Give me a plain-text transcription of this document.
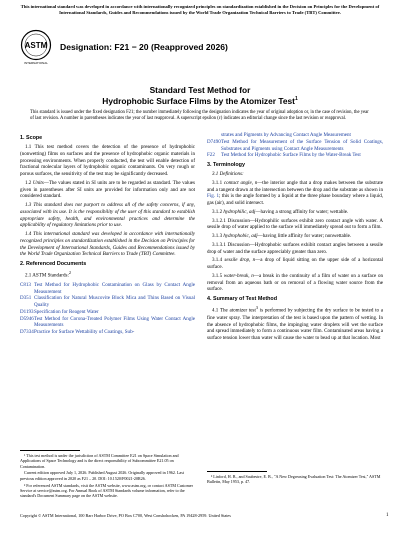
This international standard was developed in accordance with internationally recognized principles on standardization established in the Decision on Principles for the Development of International Standards, Guides and Recommendations issued by the World Trade Organization Technical Barriers to Trade (TBT) Committee.
ASTM
INTERNATIONAL
Designation: F21 − 20 (Reapproved 2026)
Standard Test Method for
Hydrophobic Surface Films by the Atomizer Test$^1$
This standard is issued under the fixed designation F21; the number immediately following the designation indicates the year of original adoption or, in the case of revision, the year of last revision. A number in parentheses indicates the year of last reapproval. A superscript epsilon (ε) indicates an editorial change since the last revision or reapproval.
1. Scope

1.1 This test method covers the detection of the presence of hydrophobic (nonwetting) films on surfaces and the presence of hydrophobic organic materials in processing environments. When properly conducted, the test will enable detection of fractional molecular layers of hydrophobic organic contaminants. On very rough or porous surfaces, the sensitivity of the test may be significantly decreased.

1.2 Units—The values stated in SI units are to be regarded as standard. The values given in parentheses after SI units are provided for information only and are not considered standard.

1.3 This standard does not purport to address all of the safety concerns, if any, associated with its use. It is the responsibility of the user of this standard to establish appropriate safety, health, and environmental practices and determine the applicability of regulatory limitations prior to use.

1.4 This international standard was developed in accordance with internationally recognized principles on standardization established in the Decision on Principles for the Development of International Standards, Guides and Recommendations issued by the World Trade Organization Technical Barriers to Trade (TBT) Committee.

2. Referenced Documents

2.1 ASTM Standards:$^2$

C813 Test Method for Hydrophobic Contamination on Glass by Contact Angle Measurement

D351 Classification for Natural Muscovite Block Mica and Thins Based on Visual Quality

D1193Specification for Reagent Water

D5946Test Method for Corona-Treated Polymer Films Using Water Contact Angle Measurements

D7334Practice for Surface Wettability of Coatings, Sub-

strates and Pigments by Advancing Contact Angle Measurement

D7490Test Method for Measurement of the Surface Tension of Solid Coatings, Substrates and Pigments using Contact Angle Measurements

F22 Test Method for Hydrophobic Surface Films by the Water-Break Test

3. Terminology

3.1 Definitions:

3.1.1 contact angle, n—the interior angle that a drop makes between the substrate and a tangent drawn at the intersection between the drop and the substrate as shown in Fig. 1; this is the angle formed by a liquid at the three phase boundary where a liquid, gas (air), and solid intersect.

3.1.2 hydrophilic, adj—having a strong affinity for water; wettable.

3.1.2.1 Discussion—Hydrophilic surfaces exhibit zero contact angle with water. A sessile drop of water applied to the surface will immediately spread out to form a film.

3.1.3 hydrophobic, adj—having little affinity for water; nonwettable.

3.1.3.1 Discussion—Hydrophobic surfaces exhibit contact angles between a sessile drop of water and the surface appreciably greater than zero.

3.1.4 sessile drop, n—a drop of liquid sitting on the upper side of a horizontal surface.

3.1.5 water-break, n—a break in the continuity of a film of water on a surface on removal from an aqueous bath or on removal of a flowing water source from the surface.

4. Summary of Test Method

4.1 The atomizer test$^3$ is performed by subjecting the dry surface to be tested to a fine water spray. The interpretation of the test is based upon the pattern of wetting. In the absence of hydrophobic films, the impinging water droplets will wet the surface and spread immediately to form a continuous water film. Contaminated areas having a surface tension lower than water will cause the water to bead up at that location. Most

¹ This test method is under the jurisdiction of ASTM Committee E21 on Space Simulation and Applications of Space Technology and is the direct responsibility of Subcommittee E21.05 on Contamination.

Current edition approved July 1, 2026. Published August 2026. Originally approved in 1962. Last previous edition approved in 2020 as F21 – 20. DOI: 10.1520/F0021-20R26.

² For referenced ASTM standards, visit the ASTM website, www.astm.org, or contact ASTM Customer Service at service@astm.org. For Annual Book of ASTM Standards volume information, refer to the standard's Document Summary page on the ASTM website.

³ Linford, H. B., and Saubestre, E. B., "A New Degreasing Evaluation Test: The Atomizer Test," ASTM Bulletin, May 1953, p. 47.

Copyright © ASTM International, 100 Barr Harbor Drive, PO Box C700, West Conshohocken, PA 19428-2959. United States	1
